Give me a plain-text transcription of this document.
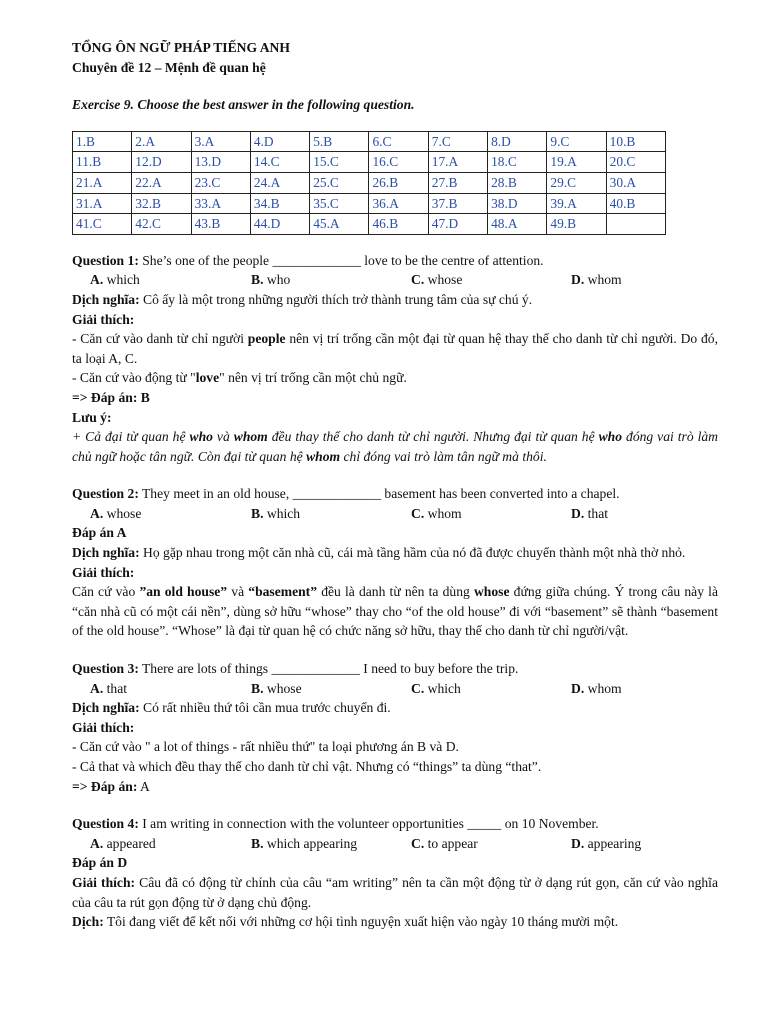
TỔNG ÔN NGỮ PHÁP TIẾNG ANH

Chuyên đề 12 – Mệnh đề quan hệ

Exercise 9. Choose the best answer in the following question.

1.B	2.A	3.A	4.D	5.B	6.C	7.C	8.D	9.C	10.B
11.B	12.D	13.D	14.C	15.C	16.C	17.A	18.C	19.A	20.C
21.A	22.A	23.C	24.A	25.C	26.B	27.B	28.B	29.C	30.A
31.A	32.B	33.A	34.B	35.C	36.A	37.B	38.D	39.A	40.B
41.C	42.C	43.B	44.D	45.A	46.B	47.D	48.A	49.B	

Question 1: She’s one of the people _____________ love to be the centre of attention.

A. which	B. who	C. whose	D. whom

Dịch nghĩa: Cô ấy là một trong những người thích trở thành trung tâm của sự chú ý.

Giải thích:

- Căn cứ vào danh từ chỉ người people nên vị trí trống cần một đại từ quan hệ thay thế cho danh từ chỉ người. Do đó, ta loại A, C.

- Căn cứ vào động từ "love" nên vị trí trống cần một chủ ngữ.

=> Đáp án: B

Lưu ý:

+ Cả đại từ quan hệ who và whom đều thay thế cho danh từ chỉ người. Nhưng đại từ quan hệ who đóng vai trò làm chủ ngữ hoặc tân ngữ. Còn đại từ quan hệ whom chỉ đóng vai trò làm tân ngữ mà thôi.

Question 2: They meet in an old house, _____________ basement has been converted into a chapel.

A. whose	B. which	C. whom	D. that

Đáp án A

Dịch nghĩa: Họ gặp nhau trong một căn nhà cũ, cái mà tầng hầm của nó đã được chuyển thành một nhà thờ nhỏ.

Giải thích:

Căn cứ vào ”an old house” và “basement” đều là danh từ nên ta dùng whose đứng giữa chúng. Ý trong câu này là “căn nhà cũ có một cái nền”, dùng sở hữu “whose” thay cho “of the old house” đi với “basement” sẽ thành “basement of the old house”. “Whose” là đại từ quan hệ có chức năng sở hữu, thay thế cho danh từ chỉ người/vật.

Question 3: There are lots of things _____________ I need to buy before the trip.

A. that	B. whose	C. which	D. whom

Dịch nghĩa: Có rất nhiều thứ tôi cần mua trước chuyến đi.

Giải thích:

- Căn cứ vào " a lot of things - rất nhiều thứ" ta loại phương án B và D.

- Cả that và which đều thay thế cho danh từ chỉ vật. Nhưng có “things” ta dùng “that”.

=> Đáp án: A

Question 4: I am writing in connection with the volunteer opportunities _____ on 10 November.

A. appeared	B. which appearing	C. to appear	D. appearing

Đáp án D

Giải thích: Câu đã có động từ chính của câu “am writing” nên ta cần một động từ ở dạng rút gọn, căn cứ vào nghĩa của câu ta rút gọn động từ ở dạng chủ động.

Dịch: Tôi đang viết để kết nối với những cơ hội tình nguyện xuất hiện vào ngày 10 tháng mười một.
